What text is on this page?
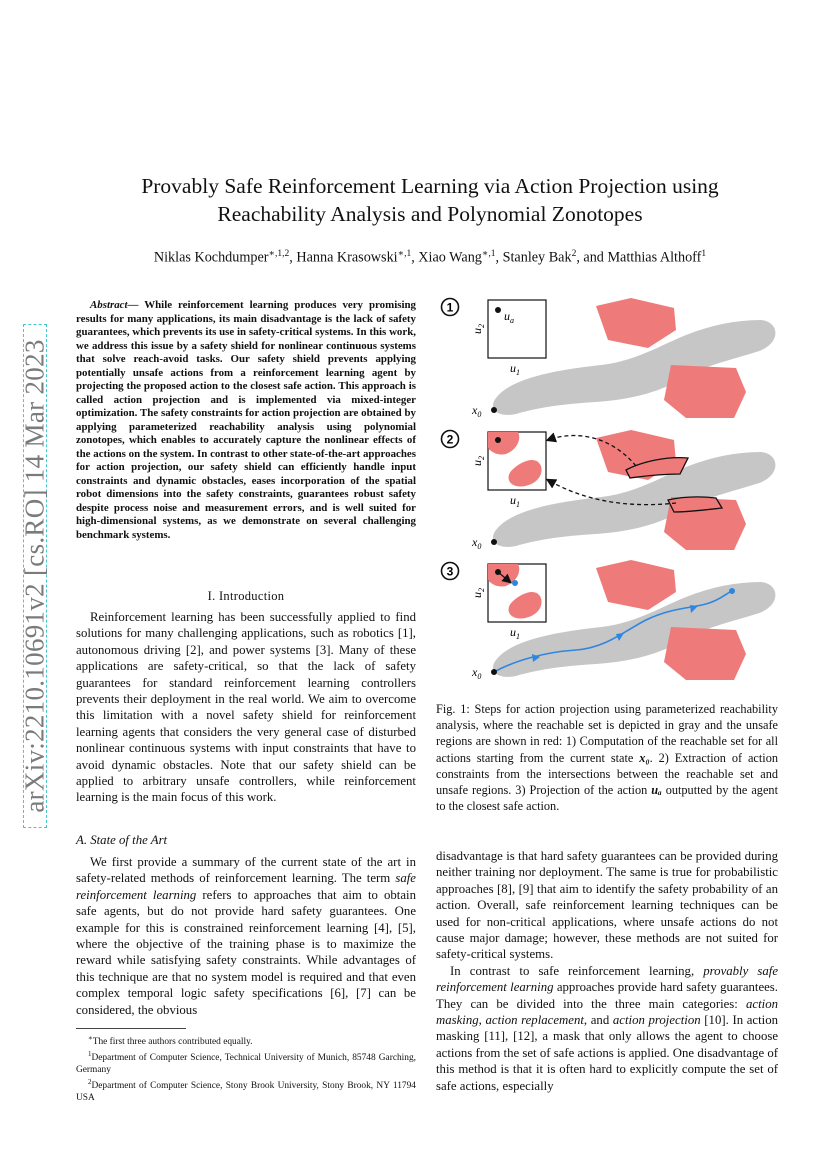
arXiv:2210.10691v2 [cs.RO] 14 Mar 2023
Provably Safe Reinforcement Learning via Action Projection using Reachability Analysis and Polynomial Zonotopes
Niklas Kochdumper$^{∗,1,2}$, Hanna Krasowski$^{∗,1}$, Xiao Wang$^{∗,1}$, Stanley Bak$^2$, and Matthias Althoff$^1$
Abstract— While reinforcement learning produces very promising results for many applications, its main disadvantage is the lack of safety guarantees, which prevents its use in safety-critical systems. In this work, we address this issue by a safety shield for nonlinear continuous systems that solve reach-avoid tasks. Our safety shield prevents applying potentially unsafe actions from a reinforcement learning agent by projecting the proposed action to the closest safe action. This approach is called action projection and is implemented via mixed-integer optimization. The safety constraints for action projection are obtained by applying parameterized reachability analysis using polynomial zonotopes, which enables to accurately capture the nonlinear effects of the actions on the system. In contrast to other state-of-the-art approaches for action projection, our safety shield can efficiently handle input constraints and dynamic obstacles, eases incorporation of the spatial robot dimensions into the safety constraints, guarantees robust safety despite process noise and measurement errors, and is well suited for high-dimensional systems, as we demonstrate on several challenging benchmark systems.
I. Introduction

Reinforcement learning has been successfully applied to find solutions for many challenging applications, such as robotics [1], autonomous driving [2], and power systems [3]. Many of these applications are safety-critical, so that the lack of safety guarantees for standard reinforcement learning controllers prevents their deployment in the real world. We aim to overcome this limitation with a novel safety shield for reinforcement learning agents that considers the very general case of disturbed nonlinear continuous systems with input constraints that have to avoid dynamic obstacles. Note that our safety shield can be applied to arbitrary unsafe controllers, while reinforcement learning is the main focus of this work.

A. State of the Art

We first provide a summary of the current state of the art in safety-related methods of reinforcement learning. The term safe reinforcement learning refers to approaches that aim to obtain safe agents, but do not provide hard safety guarantees. One example for this is constrained reinforcement learning [4], [5], where the objective of the training phase is to maximize the reward while satisfying safety constraints. While advantages of this technique are that no system model is required and that even complex temporal logic safety specifications [6], [7] can be considered, the obvious

∗The first three authors contributed equally.

$^1$Department of Computer Science, Technical University of Munich, 85748 Garching, Germany

$^2$Department of Computer Science, Stony Brook University, Stony Brook, NY 11794 USA

$u_a$
$u_1$
$u_2$
$x_0$
1
$u_1$
$u_2$
$x_0$
2
$u_1$
$u_2$
$x_0$
3
Fig. 1: Steps for action projection using parameterized reachability analysis, where the reachable set is depicted in gray and the unsafe regions are shown in red: 1) Computation of the reachable set for all actions starting from the current state x₀. 2) Extraction of action constraints from the intersections between the reachable set and unsafe regions. 3) Projection of the action uₐ outputted by the agent to the closest safe action.

disadvantage is that hard safety guarantees can be provided during neither training nor deployment. The same is true for probabilistic approaches [8], [9] that aim to identify the safety probability of an action. Overall, safe reinforcement learning techniques can be used for non-critical applications, where unsafe actions do not cause major damage; however, these methods are not suited for safety-critical systems.

In contrast to safe reinforcement learning, provably safe reinforcement learning approaches provide hard safety guarantees. They can be divided into the three main categories: action masking, action replacement, and action projection [10]. In action masking [11], [12], a mask that only allows the agent to choose actions from the set of safe actions is applied. One disadvantage of this method is that it is often hard to explicitly compute the set of safe actions, especially
